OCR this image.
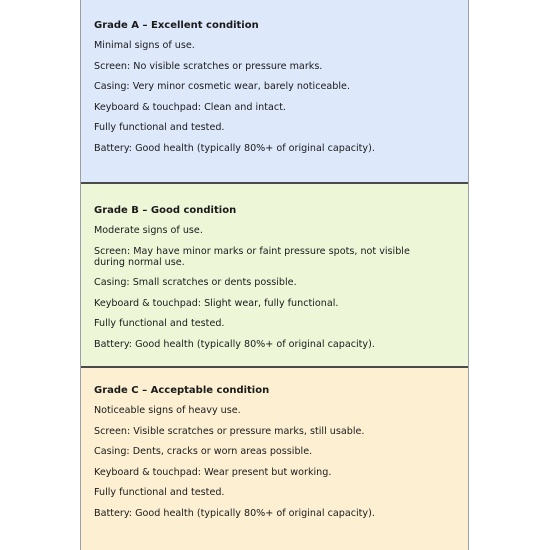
Grade A – Excellent condition
Minimal signs of use.
Screen: No visible scratches or pressure marks.
Casing: Very minor cosmetic wear, barely noticeable.
Keyboard & touchpad: Clean and intact.
Fully functional and tested.
Battery: Good health (typically 80%+ of original capacity).
Grade B – Good condition
Moderate signs of use.
Screen: May have minor marks or faint pressure spots, not visible during normal use.
Casing: Small scratches or dents possible.
Keyboard & touchpad: Slight wear, fully functional.
Fully functional and tested.
Battery: Good health (typically 80%+ of original capacity).
Grade C – Acceptable condition
Noticeable signs of heavy use.
Screen: Visible scratches or pressure marks, still usable.
Casing: Dents, cracks or worn areas possible.
Keyboard & touchpad: Wear present but working.
Fully functional and tested.
Battery: Good health (typically 80%+ of original capacity).
